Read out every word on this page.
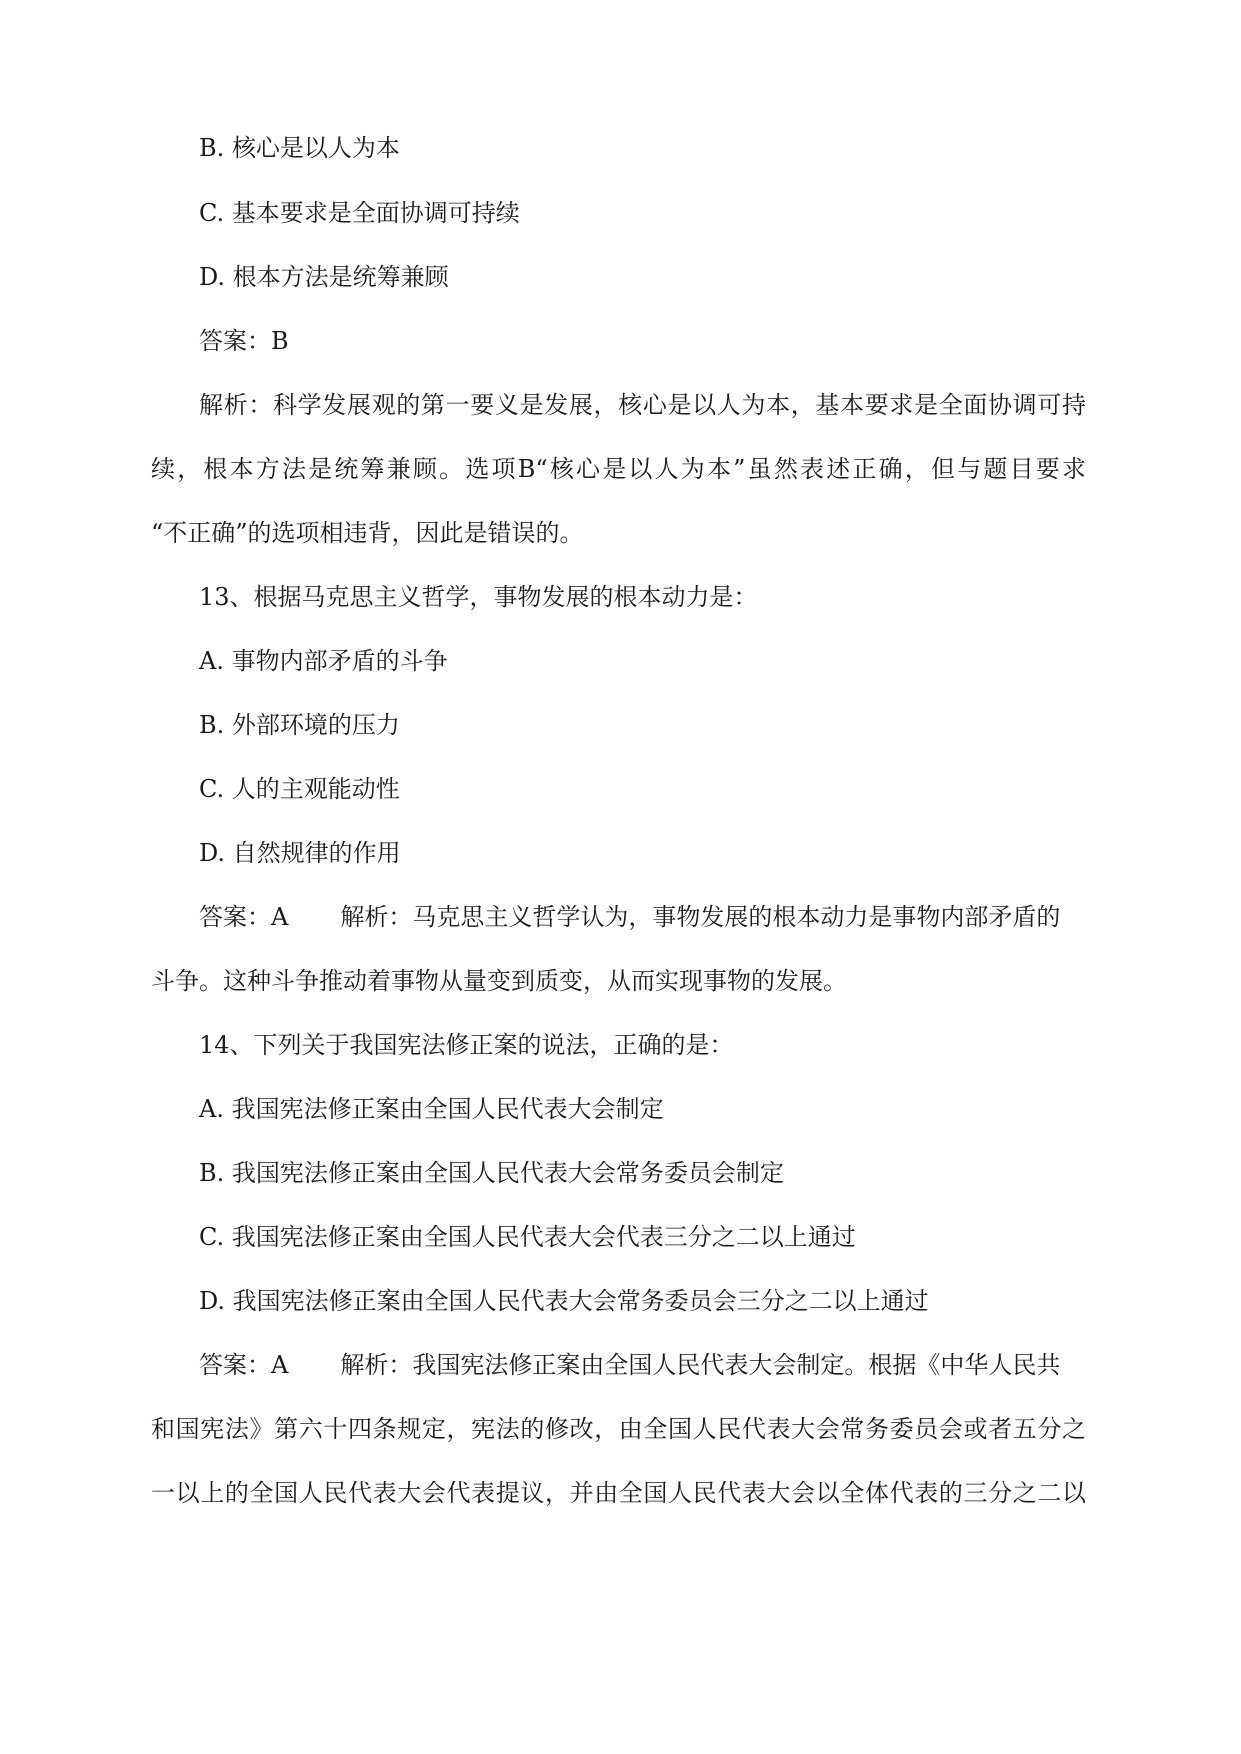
B. 核心是以人为本

C. 基本要求是全面协调可持续

D. 根本方法是统筹兼顾

答案：B

解析：科学发展观的第一要义是发展，核心是以人为本，基本要求是全面协调可持

续，根本方法是统筹兼顾。选项B“核心是以人为本”虽然表述正确，但与题目要求

“不正确”的选项相违背，因此是错误的。

13、根据马克思主义哲学，事物发展的根本动力是：

A. 事物内部矛盾的斗争

B. 外部环境的压力

C. 人的主观能动性

D. 自然规律的作用

答案：A 解析：马克思主义哲学认为，事物发展的根本动力是事物内部矛盾的

斗争。这种斗争推动着事物从量变到质变，从而实现事物的发展。

14、下列关于我国宪法修正案的说法，正确的是：

A. 我国宪法修正案由全国人民代表大会制定

B. 我国宪法修正案由全国人民代表大会常务委员会制定

C. 我国宪法修正案由全国人民代表大会代表三分之二以上通过

D. 我国宪法修正案由全国人民代表大会常务委员会三分之二以上通过

答案：A 解析：我国宪法修正案由全国人民代表大会制定。根据《中华人民共

和国宪法》第六十四条规定，宪法的修改，由全国人民代表大会常务委员会或者五分之

一以上的全国人民代表大会代表提议，并由全国人民代表大会以全体代表的三分之二以
